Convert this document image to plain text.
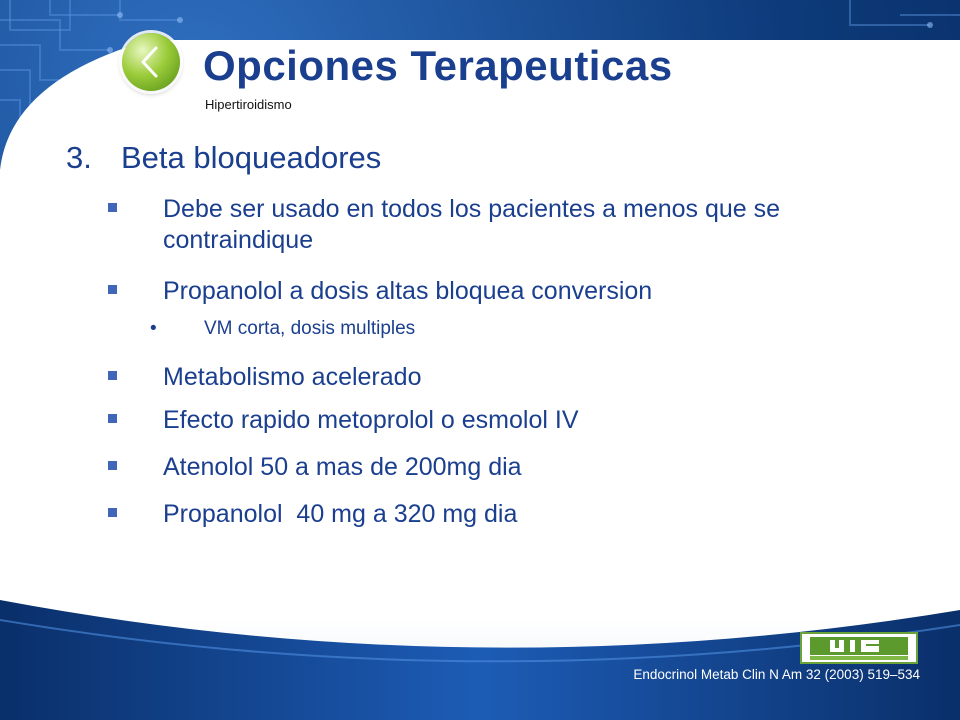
Opciones Terapeuticas
Hipertiroidismo
3. Beta bloqueadores
Debe ser usado en todos los pacientes a menos que se contraindique
Propanolol a dosis altas bloquea conversion
• VM corta, dosis multiples
Metabolismo acelerado
Efecto rapido metoprolol o esmolol IV
Atenolol 50 a mas de 200mg dia
Propanolol  40 mg a 320 mg dia
Endocrinol Metab Clin N Am 32 (2003) 519–534
